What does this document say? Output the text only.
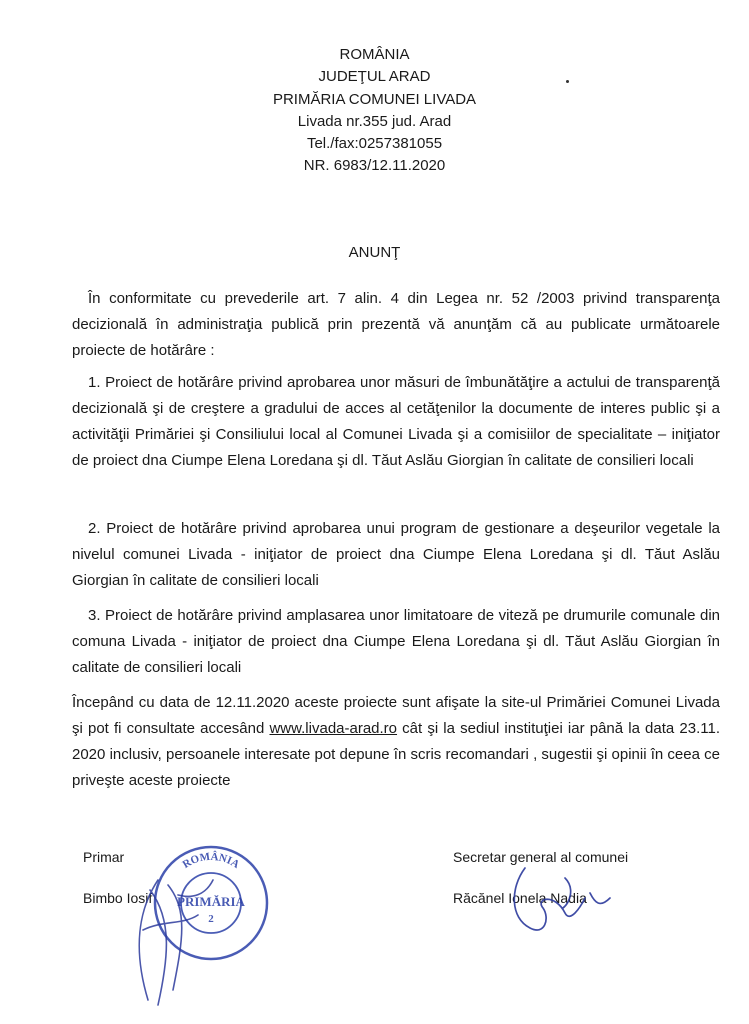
ROMÂNIA
JUDEŢUL ARAD
PRIMĂRIA COMUNEI LIVADA
Livada nr.355 jud. Arad
Tel./fax:0257381055
NR. 6983/12.11.2020
ANUNŢ

În conformitate cu prevederile art. 7 alin. 4 din Legea nr. 52 /2003 privind transparenţa decizională în administraţia publică prin prezentă vă anunţăm că au publicate următoarele proiecte de hotărâre :

1. Proiect de hotărâre privind aprobarea unor măsuri de îmbunătăţire a actului de transparenţă decizională şi de creştere a gradului de acces al cetăţenilor la documente de interes public şi a activităţii Primăriei şi Consiliului local al Comunei Livada şi a comisiilor de specialitate – iniţiator de proiect dna Ciumpe Elena Loredana şi dl. Tăut Aslău Giorgian în calitate de consilieri locali

2. Proiect de hotărâre privind aprobarea unui program de gestionare a deşeurilor vegetale la nivelul comunei Livada - iniţiator de proiect dna Ciumpe Elena Loredana şi dl. Tăut Aslău Giorgian în calitate de consilieri locali

3. Proiect de hotărâre privind amplasarea unor limitatoare de viteză pe drumurile comunale din comuna Livada - iniţiator de proiect dna Ciumpe Elena Loredana şi dl. Tăut Aslău Giorgian în calitate de consilieri locali

Începând cu data de 12.11.2020 aceste proiecte sunt afişate la site-ul Primăriei Comunei Livada şi pot fi consultate accesând www.livada-arad.ro cât şi la sediul instituţiei iar până la data 23.11. 2020 inclusiv, persoanele interesate pot depune în scris recomandari , sugestii şi opinii în ceea ce priveşte aceste proiecte

Primar
Bimbo Iosif
Secretar general al comunei
Răcănel Ionela Nadia
ROMÂNIA
PRIMĂRIA
2
